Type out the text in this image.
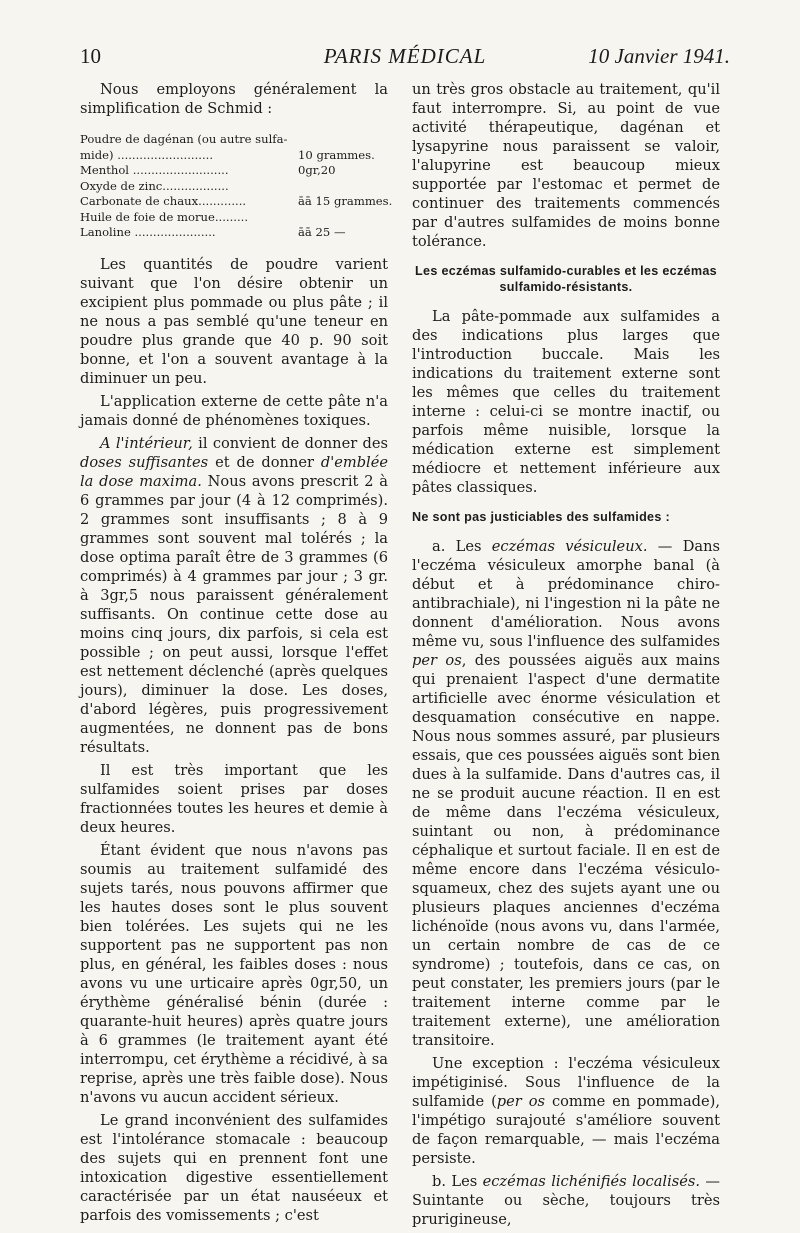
10	PARIS MÉDICAL	10 Janvier 1941.

Nous employons généralement la simplification de Schmid :

Poudre de dagénan (ou autre sulfa-
mide) ..........................	10 grammes.
Menthol ..........................	0gr,20
Oxyde de zinc..................
Carbonate de chaux.............	āā 15 grammes.
Huile de foie de morue.........
Lanoline ......................	āā 25 —

Les quantités de poudre varient suivant que l'on désire obtenir un excipient plus pommade ou plus pâte ; il ne nous a pas semblé qu'une teneur en poudre plus grande que 40 p. 90 soit bonne, et l'on a souvent avantage à la diminuer un peu.

L'application externe de cette pâte n'a jamais donné de phénomènes toxiques.

A l'intérieur, il convient de donner des doses suffisantes et de donner d'emblée la dose maxima. Nous avons prescrit 2 à 6 grammes par jour (4 à 12 comprimés). 2 grammes sont insuffisants ; 8 à 9 grammes sont souvent mal tolérés ; la dose optima paraît être de 3 grammes (6 comprimés) à 4 grammes par jour ; 3 gr. à 3gr,5 nous paraissent généralement suffisants. On continue cette dose au moins cinq jours, dix parfois, si cela est possible ; on peut aussi, lorsque l'effet est nettement déclenché (après quelques jours), diminuer la dose. Les doses, d'abord légères, puis progressivement augmentées, ne donnent pas de bons résultats.

Il est très important que les sulfamides soient prises par doses fractionnées toutes les heures et demie à deux heures.

Étant évident que nous n'avons pas soumis au traitement sulfamidé des sujets tarés, nous pouvons affirmer que les hautes doses sont le plus souvent bien tolérées. Les sujets qui ne les supportent pas ne supportent pas non plus, en général, les faibles doses : nous avons vu une urticaire après 0gr,50, un érythème généralisé bénin (durée : quarante-huit heures) après quatre jours à 6 grammes (le traitement ayant été interrompu, cet érythème a récidivé, à sa reprise, après une très faible dose). Nous n'avons vu aucun accident sérieux.

Le grand inconvénient des sulfamides est l'intolérance stomacale : beaucoup des sujets qui en prennent font une intoxication digestive essentiellement caractérisée par un état nauséeux et parfois des vomissements ; c'est

un très gros obstacle au traitement, qu'il faut interrompre. Si, au point de vue activité thérapeutique, dagénan et lysapyrine nous paraissent se valoir, l'alupyrine est beaucoup mieux supportée par l'estomac et permet de continuer des traitements commencés par d'autres sulfamides de moins bonne tolérance.

Les eczémas sulfamido-curables et les eczémas sulfamido-résistants.

La pâte-pommade aux sulfamides a des indications plus larges que l'introduction buccale. Mais les indications du traitement externe sont les mêmes que celles du traitement interne : celui-ci se montre inactif, ou parfois même nuisible, lorsque la médication externe est simplement médiocre et nettement inférieure aux pâtes classiques.

Ne sont pas justiciables des sulfamides :

a. Les eczémas vésiculeux. — Dans l'eczéma vésiculeux amorphe banal (à début et à prédominance chiro-antibrachiale), ni l'ingestion ni la pâte ne donnent d'amélioration. Nous avons même vu, sous l'influence des sulfamides per os, des poussées aiguës aux mains qui prenaient l'aspect d'une dermatite artificielle avec énorme vésiculation et desquamation consécutive en nappe. Nous nous sommes assuré, par plusieurs essais, que ces poussées aiguës sont bien dues à la sulfamide. Dans d'autres cas, il ne se produit aucune réaction. Il en est de même dans l'eczéma vésiculeux, suintant ou non, à prédominance céphalique et surtout faciale. Il en est de même encore dans l'eczéma vésiculo-squameux, chez des sujets ayant une ou plusieurs plaques anciennes d'eczéma lichénoïde (nous avons vu, dans l'armée, un certain nombre de cas de ce syndrome) ; toutefois, dans ce cas, on peut constater, les premiers jours (par le traitement interne comme par le traitement externe), une amélioration transitoire.

Une exception : l'eczéma vésiculeux impétiginisé. Sous l'influence de la sulfamide (per os comme en pommade), l'impétigo surajouté s'améliore souvent de façon remarquable, — mais l'eczéma persiste.

b. Les eczémas lichénifiés localisés. — Suintante ou sèche, toujours très prurigineuse,
